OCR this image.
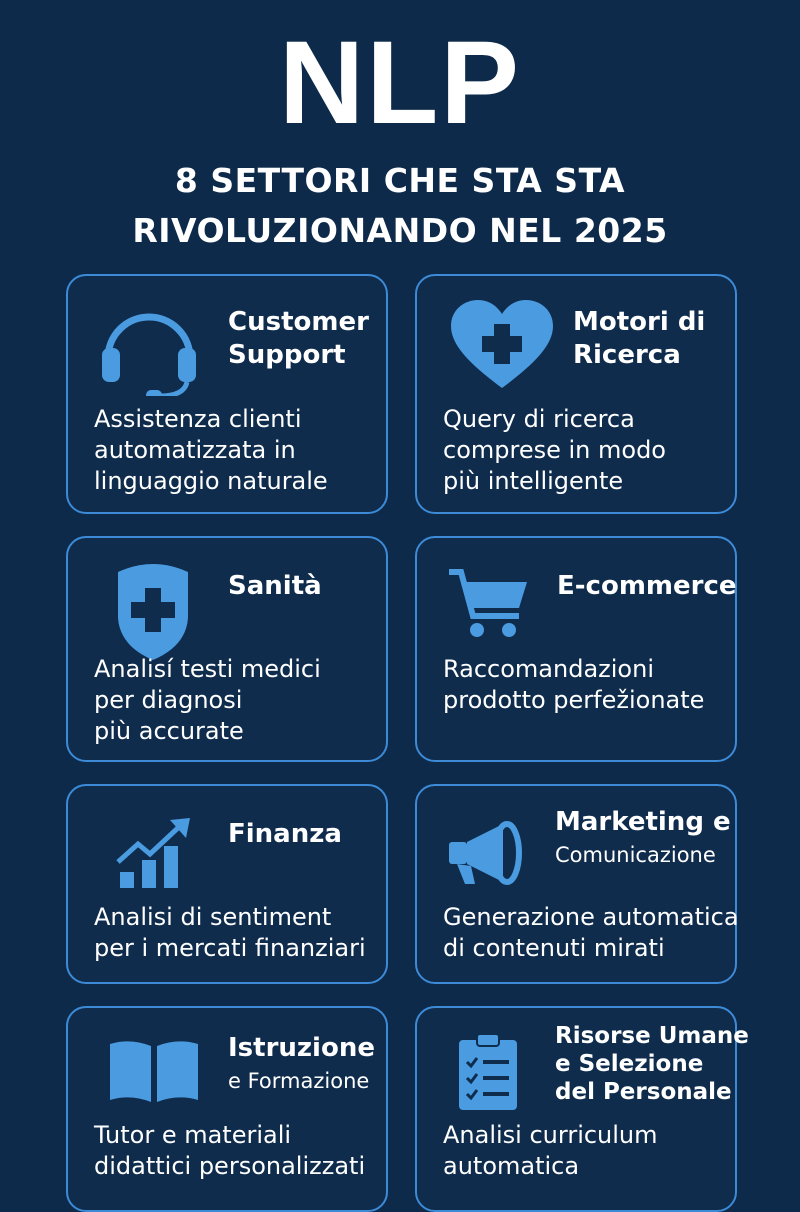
NLP
8 SETTORI CHE STA STA
RIVOLUZIONANDO NEL 2025
Customer
Support
Assistenza clienti
automatizzata in
linguaggio naturale
Motori di
Ricerca
Query di ricerca
comprese in modo
più intelligente
Sanità
Analisí testi medici
per diagnosi
più accurate
E-commerce
Raccomandazioni
prodotto perfežionate
Finanza
Analisi di sentiment
per i mercati finanziari
Marketing e
Comunicazione
Generazione automatica
di contenuti mirati
Istruzione
e Formazione
Tutor e materiali
didattici personalizzati
Risorse Umane
e Selezione
del Personale
Analisi curriculum
automatica
